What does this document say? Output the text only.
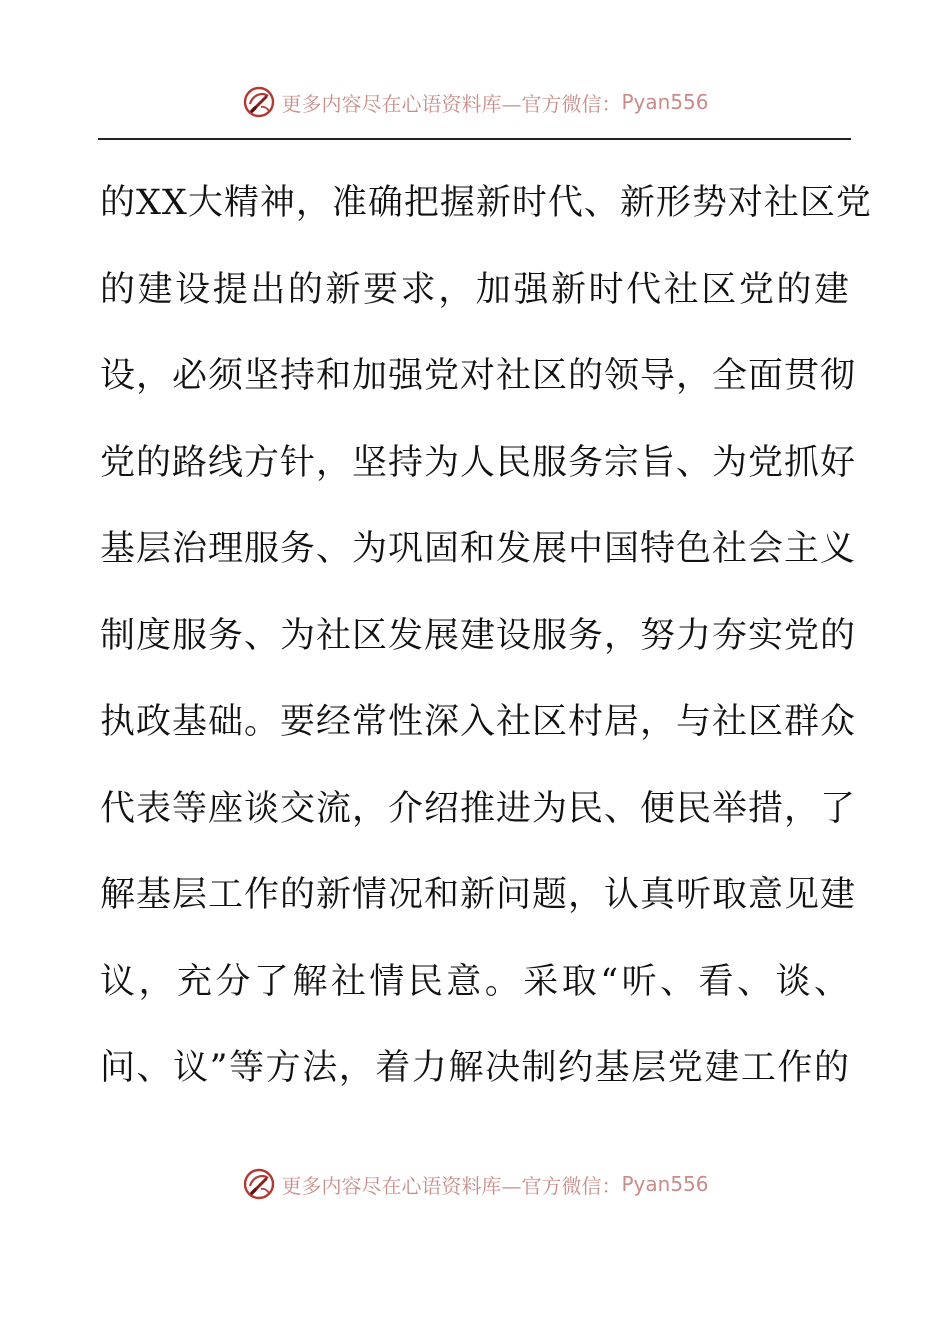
更多内容尽在心语资料库—官方微信： Pyan556
的XX大精神，准确把握新时代、新形势对社区党
的建设提出的新要求，加强新时代社区党的建
设，必须坚持和加强党对社区的领导，全面贯彻
党的路线方针，坚持为人民服务宗旨、为党抓好
基层治理服务、为巩固和发展中国特色社会主义
制度服务、为社区发展建设服务，努力夯实党的
执政基础。要经常性深入社区村居，与社区群众
代表等座谈交流，介绍推进为民、便民举措，了
解基层工作的新情况和新问题，认真听取意见建
议，充分了解社情民意。采取“听、看、谈、
问、议”等方法，着力解决制约基层党建工作的
更多内容尽在心语资料库—官方微信： Pyan556
